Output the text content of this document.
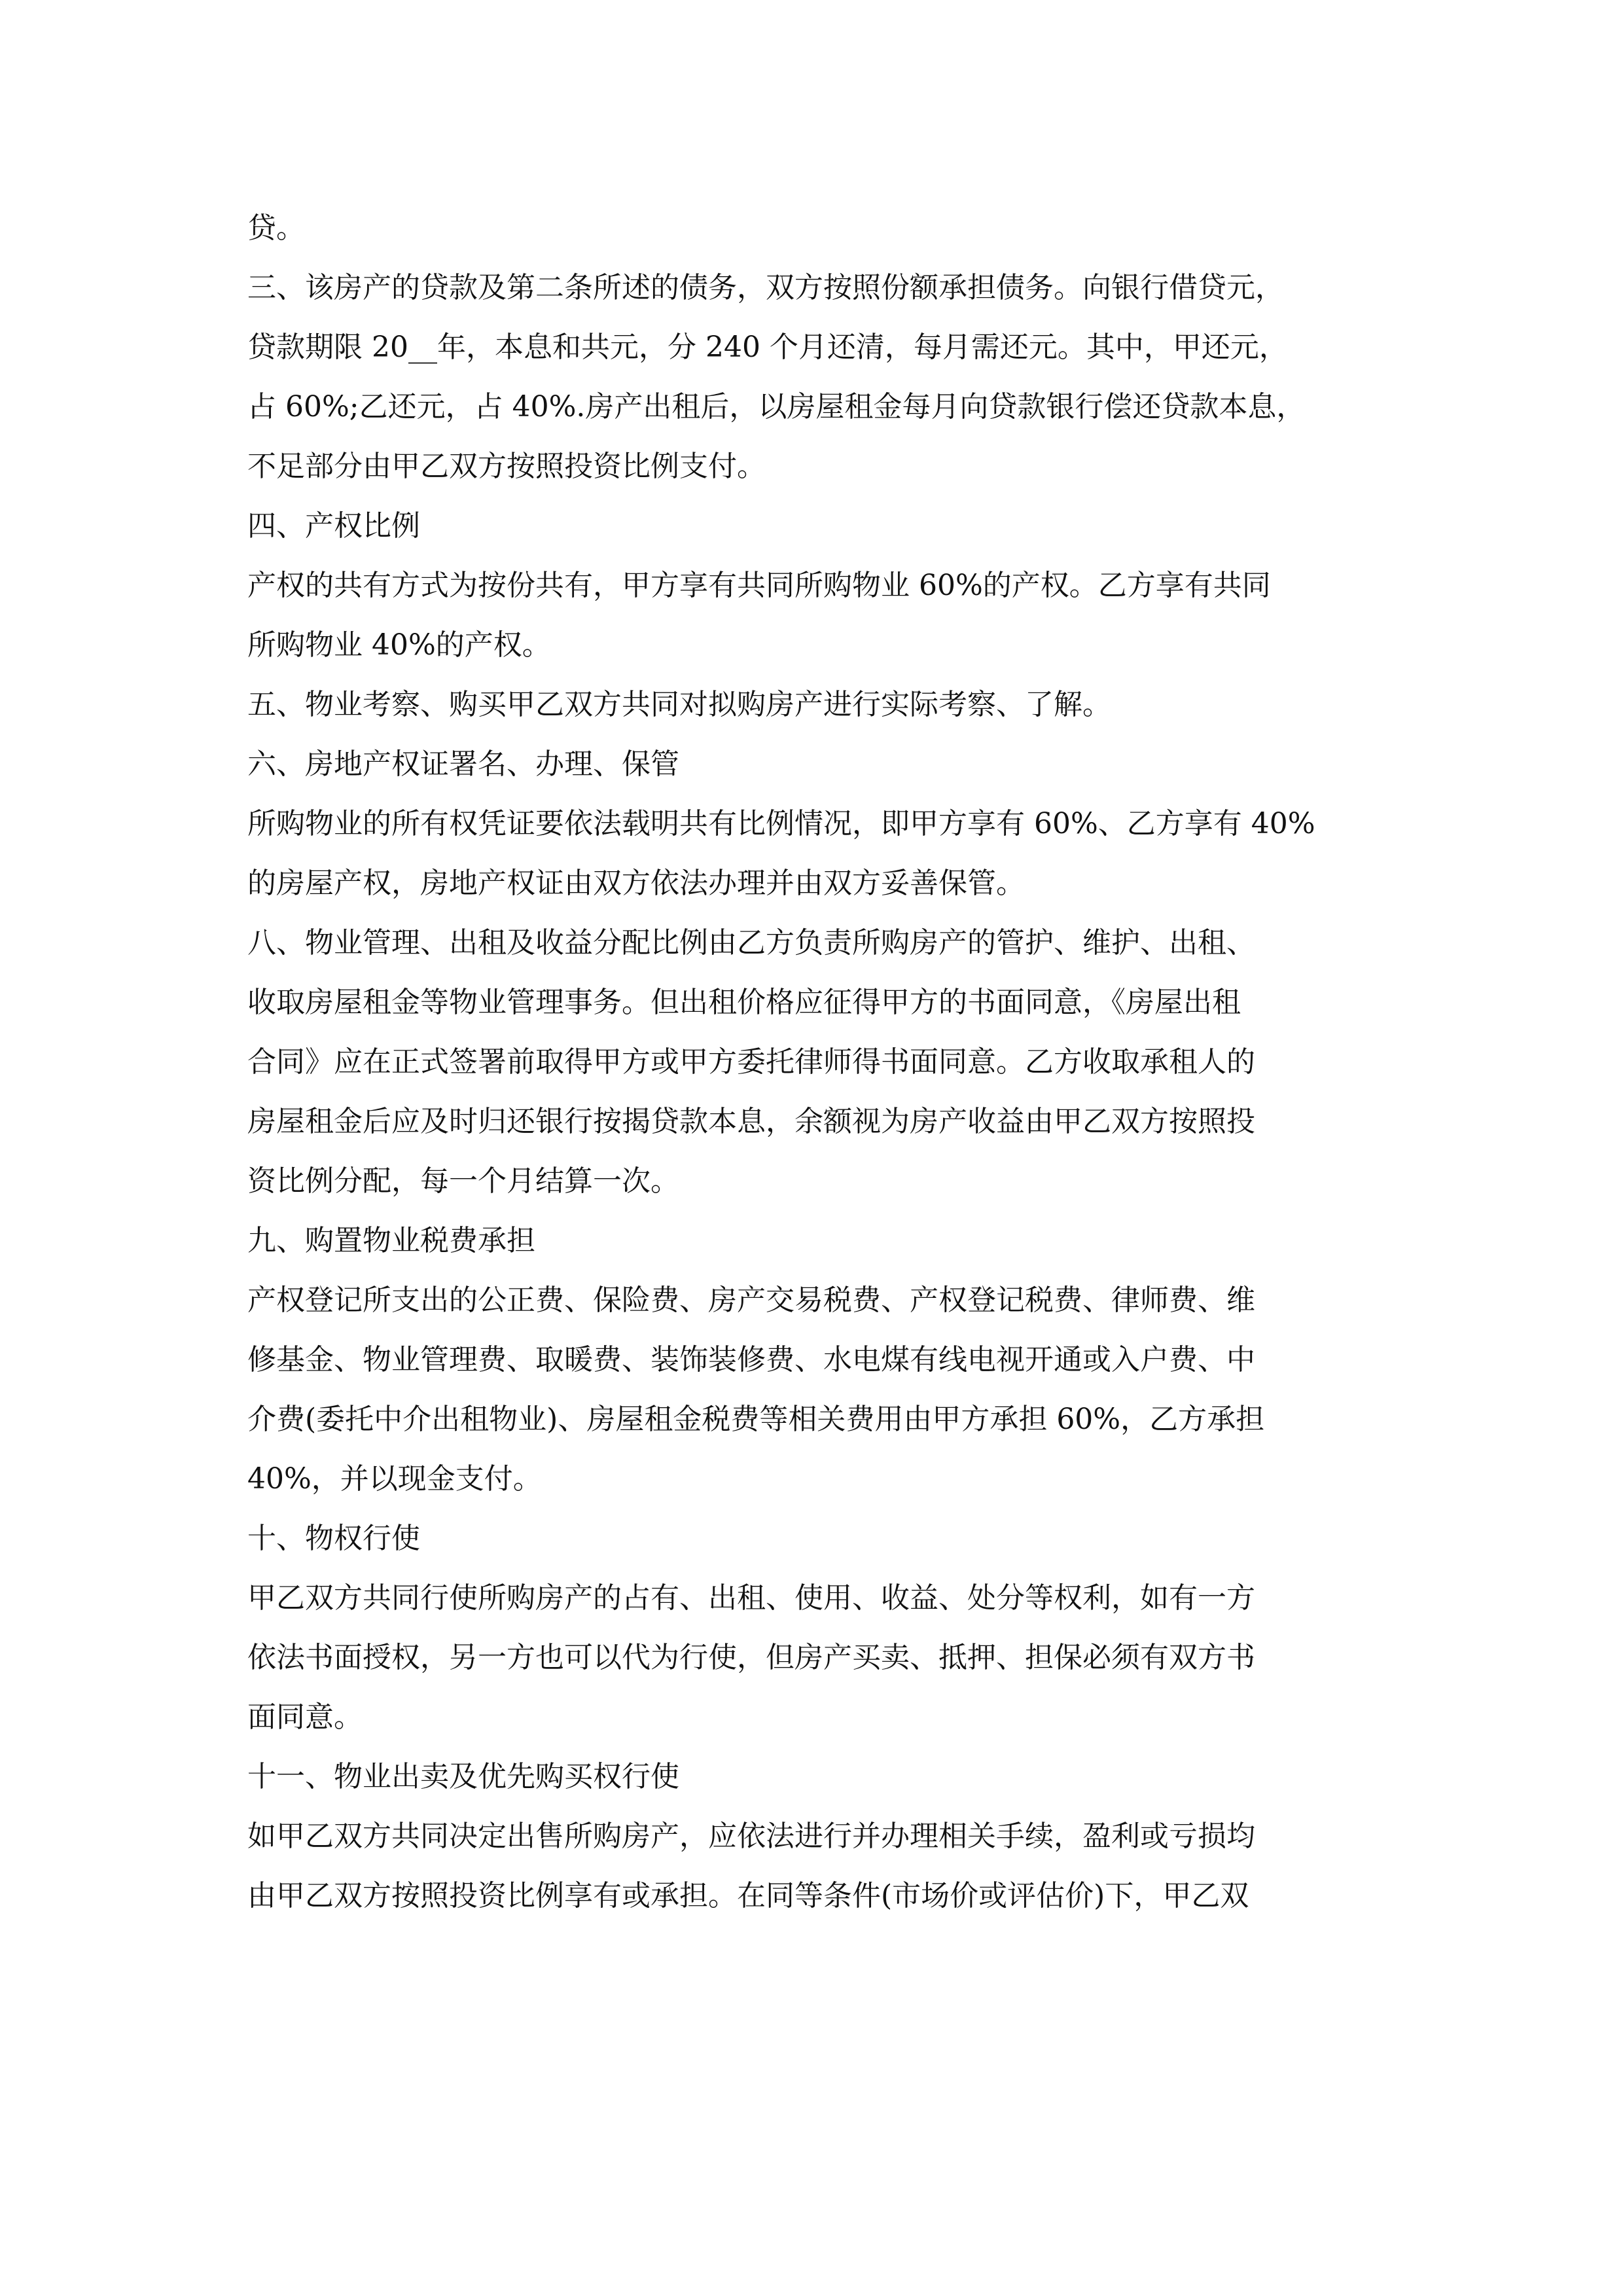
贷。
三、该房产的贷款及第二条所述的债务，双方按照份额承担债务。向银行借贷元，
贷款期限 20__年，本息和共元，分 240 个月还清，每月需还元。其中，甲还元，
占 60%;乙还元，占 40%.房产出租后，以房屋租金每月向贷款银行偿还贷款本息，
不足部分由甲乙双方按照投资比例支付。
四、产权比例
产权的共有方式为按份共有，甲方享有共同所购物业 60%的产权。乙方享有共同
所购物业 40%的产权。
五、物业考察、购买甲乙双方共同对拟购房产进行实际考察、了解。
六、房地产权证署名、办理、保管
所购物业的所有权凭证要依法载明共有比例情况，即甲方享有 60%、乙方享有 40%
的房屋产权，房地产权证由双方依法办理并由双方妥善保管。
八、物业管理、出租及收益分配比例由乙方负责所购房产的管护、维护、出租、
收取房屋租金等物业管理事务。但出租价格应征得甲方的书面同意，《房屋出租
合同》应在正式签署前取得甲方或甲方委托律师得书面同意。乙方收取承租人的
房屋租金后应及时归还银行按揭贷款本息，余额视为房产收益由甲乙双方按照投
资比例分配，每一个月结算一次。
九、购置物业税费承担
产权登记所支出的公正费、保险费、房产交易税费、产权登记税费、律师费、维
修基金、物业管理费、取暖费、装饰装修费、水电煤有线电视开通或入户费、中
介费(委托中介出租物业)、房屋租金税费等相关费用由甲方承担 60%，乙方承担
40%，并以现金支付。
十、物权行使
甲乙双方共同行使所购房产的占有、出租、使用、收益、处分等权利，如有一方
依法书面授权，另一方也可以代为行使，但房产买卖、抵押、担保必须有双方书
面同意。
十一、物业出卖及优先购买权行使
如甲乙双方共同决定出售所购房产，应依法进行并办理相关手续，盈利或亏损均
由甲乙双方按照投资比例享有或承担。在同等条件(市场价或评估价)下，甲乙双
